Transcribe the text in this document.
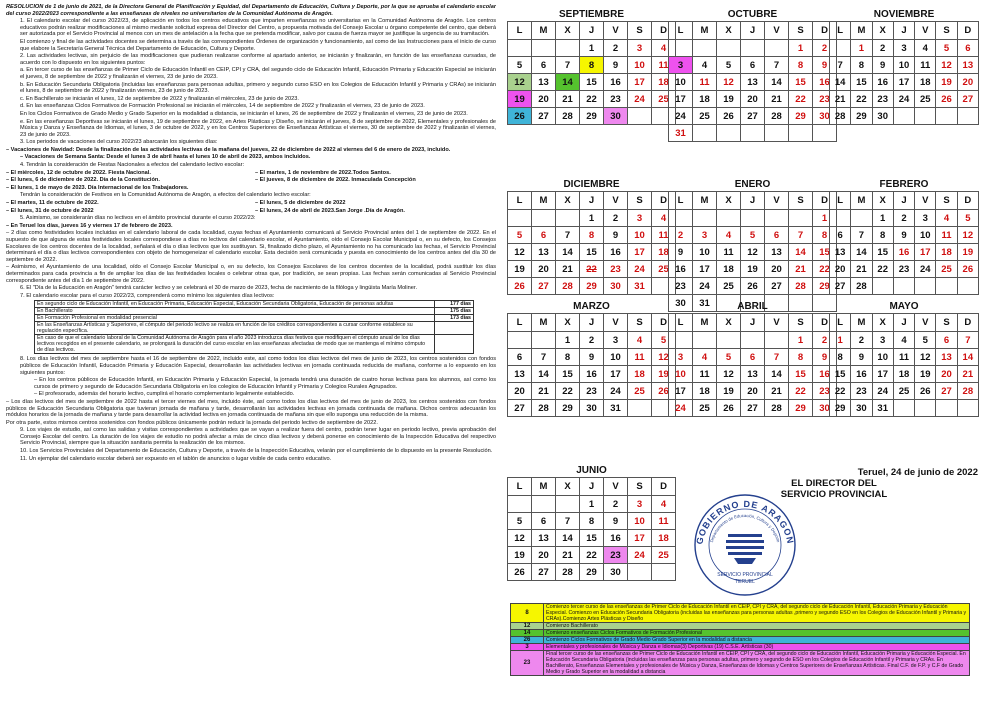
RESOLUCIÓN de 1 de junio de 2021, de la Directora General de Planificación y Equidad, del Departamento de Educación, Cultura y Deporte, por la que se aprueba el calendario escolar del curso 2022/2023 correspondiente a las enseñanzas de niveles no universitarios de la Comunidad Autónoma de Aragón.

1. El calendario escolar del curso 2022/23, de aplicación en todos los centros educativos que imparten enseñanzas no universitarias en la Comunidad Autónoma de Aragón. Los centros educativos podrán realizar modificaciones al mismo mediante solicitud expresa del Director del Centro, a propuesta motivada del Consejo Escolar u órgano competente del centro, que deberá ser autorizada por el Servicio Provincial al menos con un mes de antelación a la fecha que se pretenda modificar, salvo por causa de fuerza mayor se justifique la urgencia de su tramitación.

El comienzo y final de las actividades docentes se determina a través de las correspondientes Órdenes de organización y funcionamiento, así como de las Instrucciones para el inicio de curso que elabore la Secretaría General Técnica del Departamento de Educación, Cultura y Deporte.

2. Las actividades lectivas, sin perjuicio de las modificaciones que pudieran realizarse conforme al apartado anterior, se iniciarán y finalizarán, en función de las enseñanzas cursadas, de acuerdo con lo dispuesto en los siguientes puntos:

a. En tercer curso de las enseñanzas de Primer Ciclo de Educación Infantil en CEIP, CPI y CRA, del segundo ciclo de Educación Infantil, Educación Primaria y Educación Especial se iniciarán el jueves, 8 de septiembre de 2022 y finalizarán el viernes, 23 de junio de 2023.

b. En Educación Secundaria Obligatoria (incluidas las enseñanzas para personas adultas, primero y segundo curso ESO en los Colegios de Educación Infantil y Primaria y CRAs) se iniciarán el lunes, 8 de septiembre de 2022 y finalizarán viernes, 23 de junio de 2023.

c. En Bachillerato se iniciarán el lunes, 12 de septiembre de 2022 y finalizarán el miércoles, 23 de junio de 2023.

d. En las enseñanzas Ciclos Formativos de Formación Profesional se iniciarán el miércoles, 14 de septiembre de 2022 y finalizarán el viernes, 23 de junio de 2023.

En los Ciclos Formativos de Grado Medio y Grado Superior en la modalidad a distancia, se iniciarán el lunes, 26 de septiembre de 2022 y finalizarán el viernes, 23 de junio de 2023.

e. En las enseñanzas Deportivas se iniciarán el lunes, 19 de septiembre de 2022, en Artes Plásticas y Diseño, se iniciarán el jueves, 8 de septiembre de 2022, Elementales y profesionales de Música y Danza y Enseñanza de Idiomas, el lunes, 3 de octubre de 2022, y en los Centros Superiores de Enseñanzas Artísticas el viernes, 30 de septiembre de 2022 y finalizarán el viernes, 23 de junio de 2023.

3. Los periodos de vacaciones del curso 2022/23 abarcarán los siguientes días:

– Vacaciones de Navidad: Desde la finalización de las actividades lectivas de la mañana del jueves, 22 de diciembre de 2022 al viernes del 6 de enero de 2023, incluido.

– Vacaciones de Semana Santa: Desde el lunes 3 de abril hasta el lunes 10 de abril de 2023, ambos incluidos.

4. Tendrán la consideración de Fiestas Nacionales a efectos del calendario lectivo escolar:

– El miércoles, 12 de octubre de 2022. Fiesta Nacional.

– El lunes, 6 de diciembre de 2022. Día de la Constitución.

– El lunes, 1 de mayo de 2023. Día Internacional de los Trabajadores.

– El martes, 1 de noviembre de 2022.Todos Santos.

– El jueves, 8 de diciembre de 2022. Inmaculada Concepción

Tendrán la consideración de Festivos en la Comunidad Autónoma de Aragón, a efectos del calendario lectivo escolar:

– El martes, 11 de octubre de 2022.

– El lunes, 31 de octubre de 2022

– El lunes, 5 de diciembre de 2022

– El lunes, 24 de abril de 2023.San Jorge .Día de Aragón.

5. Asimismo, se considerarán días no lectivos en el ámbito provincial durante el curso 2022/23:

– En Teruel los días, jueves 16 y viernes 17 de febrero de 2023.

– 2 días como festividades locales incluidas en el calendario laboral de cada localidad, cuyas fechas el Ayuntamiento comunicará al Servicio Provincial antes del 1 de septiembre de 2022. En el supuesto de que alguna de estas festividades locales correspondiese a días no lectivos del calendario escolar, el Ayuntamiento, oído el Consejo Escolar Municipal o, en su defecto, los Consejos Escolares de los centros docentes de la localidad, señalará el día o días lectivos que los sustituyan. Si, finalizado dicho plazo, el Ayuntamiento no ha comunicado las fechas, el Servicio Provincial determinará el día o días lectivos correspondientes con objeto de homogeneizar el calendario escolar. Esta decisión será comunicada y puesta en conocimiento de los centros antes del día 30 de septiembre de 2022.

– Asimismo, el Ayuntamiento de una localidad, oído el Consejo Escolar Municipal o, en su defecto, los Consejos Escolares de los centros docentes de la localidad, podrá sustituir los días determinados para cada provincia a fin de ampliar los días de las festividades locales o celebrar otras que, por tradición, se sean propias. Las fechas serán comunicadas al Servicio Provincial correspondiente antes del día 1 de septiembre de 2022.

6. El "Día de la Educación en Aragón" tendrá carácter lectivo y se celebrará el 30 de marzo de 2023, fecha de nacimiento de la filóloga y lingüista María Moliner.

7. El calendario escolar para el curso 2022/23, comprenderá como mínimo los siguientes días lectivos:

En segundo ciclo de Educación Infantil, en Educación Primaria, Educación Especial, Educación Secundaria Obligatoria, Educación de personas adultas	177 días
En Bachillerato	175 días
En Formación Profesional en modalidad presencial	173 días
En las Enseñanzas Artísticas y Superiores, el cómputo del periodo lectivo se realiza en función de los créditos correspondientes a cursar conforme establece su regulación específica.	
En caso de que el calendario laboral de la Comunidad Autónoma de Aragón para el año 2023 introduzca días festivos que modifiquen el cómputo anual de los días lectivos recogidos en el presente calendario, se prolongará la duración del curso escolar en las enseñanzas afectadas de modo que se mantenga el mínimo cómputo de días lectivos.	

8. Los días lectivos del mes de septiembre hasta el 16 de septiembre de 2022, incluido este, así como todos los días lectivos del mes de junio de 2023, los centros sostenidos con fondos públicos de Educación Infantil, Educación Primaria y Educación Especial, desarrollarán las actividades lectivas en jornada continuada reducida de mañana, conforme a lo expuesto en los siguientes puntos:

– En los centros públicos de Educación Infantil, en Educación Primaria y Educación Especial, la jornada tendrá una duración de cuatro horas lectivas para los alumnos, así como los cursos de primero y segundo de Educación Secundaria Obligatoria en los colegios de Educación Infantil y Primaria y Colegios Rurales Agrupados.

– El profesorado, además del horario lectivo, cumplirá el horario complementario legalmente establecido.

– Los días lectivos del mes de septiembre de 2022 hasta el tercer viernes del mes, incluido éste, así como todos los días lectivos del mes de junio de 2023, los centros sostenidos con fondos públicos de Educación Secundaria Obligatoria que tuvieran jornada de mañana y tarde, desarrollarán las actividades lectivas en jornada continuada de mañana. Dichos centros adecuarán los módulos horarios de la jornada de mañana y tarde para desarrollar la actividad lectiva en jornada continuada de mañana sin que ello suponga una reducción de la misma.

Por otra parte, estos mismos centros sostenidos con fondos públicos únicamente podrán reducir la jornada del periodo lectivo de septiembre de 2022.

9. Los viajes de estudio, así como las salidas y visitas correspondientes a actividades que se vayan a realizar fuera del centro, podrán tener lugar en periodo lectivo, previa aprobación del Consejo Escolar del centro. La duración de los viajes de estudio no podrá afectar a más de cinco días lectivos y deberá ponerse en conocimiento de la Inspección Educativa del respectivo Servicio Provincial, siempre que la situación sanitaria permita la realización de los mismos.

10. Los Servicios Provinciales del Departamento de Educación, Cultura y Deporte, a través de la Inspección Educativa, velarán por el cumplimiento de lo dispuesto en la presente Resolución.

11. Un ejemplar del calendario escolar deberá ser expuesto en el tablón de anuncios o lugar visible de cada centro educativo.

SEPTIEMBRE
L	M	X	J	V	S	D
			1	2	3	4
5	6	7	8	9	10	11
12	13	14	15	16	17	18
19	20	21	22	23	24	25
26	27	28	29	30		
OCTUBRE
L	M	X	J	V	S	D
					1	2
3	4	5	6	7	8	9
10	11	12	13	14	15	16
17	18	19	20	21	22	23
24	25	26	27	28	29	30
31						
NOVIEMBRE
L	M	X	J	V	S	D
	1	2	3	4	5	6
7	8	9	10	11	12	13
14	15	16	17	18	19	20
21	22	23	24	25	26	27
28	29	30				
DICIEMBRE
L	M	X	J	V	S	D
			1	2	3	4
5	6	7	8	9	10	11
12	13	14	15	16	17	18
19	20	21	22	23	24	25
26	27	28	29	30	31	
ENERO
L	M	X	J	V	S	D
						1
2	3	4	5	6	7	8
9	10	11	12	13	14	15
16	17	18	19	20	21	22
23	24	25	26	27	28	29
30	31					
FEBRERO
L	M	X	J	V	S	D
		1	2	3	4	5
6	7	8	9	10	11	12
13	14	15	16	17	18	19
20	21	22	23	24	25	26
27	28					
MARZO
L	M	X	J	V	S	D
		1	2	3	4	5
6	7	8	9	10	11	12
13	14	15	16	17	18	19
20	21	22	23	24	25	26
27	28	29	30	31		
ABRIL
L	M	X	J	V	S	D
					1	2
3	4	5	6	7	8	9
10	11	12	13	14	15	16
17	18	19	20	21	22	23
24	25	26	27	28	29	30
MAYO
L	M	X	J	V	S	D
1	2	3	4	5	6	7
8	9	10	11	12	13	14
15	16	17	18	19	20	21
22	23	24	25	26	27	28
29	30	31				
JUNIO
L	M	X	J	V	S	D
			1	2	3	4
5	6	7	8	9	10	11
12	13	14	15	16	17	18
19	20	21	22	23	24	25
26	27	28	29	30		
Teruel, 24 de junio de 2022
EL DIRECTOR DEL
SERVICIO PROVINCIAL
GOBIERNO DE ARAGON
Departamento de Educación, Cultura y Deporte
SERVICIO PROVINCIAL
TERUEL
8	Comienzo tercer curso de las enseñanzas de Primer Ciclo de Educación Infantil en CEIP, CPI y CRA, del segundo ciclo de Educación Infantil, Educación Primaria y Educación Especial. Comienzo en Educación Secundaria Obligatoria (incluidas las enseñanzas para personas adultas ,primero y segundo ESO en los Colegios de Educación Infantil y Primaria y CRAs).Comienzo Artes Plásticas y Diseño
12	Comienzo Bachillerato
14	Comienzo enseñanzas Ciclos Formativos de Formación Profesional
26	Comienzo Ciclos Formativos de Grado Medio Grado Superior en la modalidad a distancia
3	Elementales y profesionales de Música y Danza e Idiomas(3) Deportivas (19) C.S.E. Artísticas (30)
23	Final tercer curso de las enseñanzas de Primer Ciclo de Educación Infantil en CEIP, CPI y CRA, del segundo ciclo de Educación Infantil, Educación Primaria y Educación Especial. En Educación Secundaria Obligatoria (incluidas las enseñanzas para personas adultas, primero y segundo de ESO en los Colegios de Educación Infantil y Primaria y CRAs. En Bachillerato, Enseñanzas Elementales y profesionales de Música y Danza, Enseñanzas de Idiomas y Centros Superiores de Enseñanzas Artísticas. Final C.F. de F.P. y C.F de Grado Medio y Grado Superior en la modalidad a distancia
